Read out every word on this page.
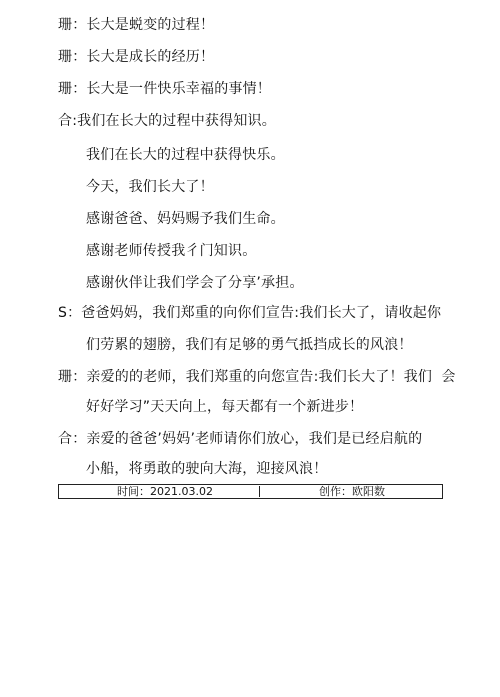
珊：长大是蜕变的过程！
珊：长大是成长的经历！
珊：长大是一件快乐幸福的事情！
合:我们在长大的过程中获得知识。
我们在长大的过程中获得快乐。
今天，我们长大了！
感谢爸爸、妈妈赐予我们生命。
感谢老师传授我彳门知识。
感谢伙伴让我们学会了分享’承担。
S：爸爸妈妈，我们郑重的向你们宣告:我们长大了，请收起你
们劳累的翅膀，我们有足够的勇气抵挡成长的风浪！
珊：亲爱的的老师，我们郑重的向您宣告:我们长大了！我们  会
好好学习”天天向上，每天都有一个新进步！
合：亲爱的爸爸’妈妈’老师请你们放心，我们是已经启航的
小船，将勇敢的驶向大海，迎接风浪！
时间：2021.03.02	创作：欧阳数
